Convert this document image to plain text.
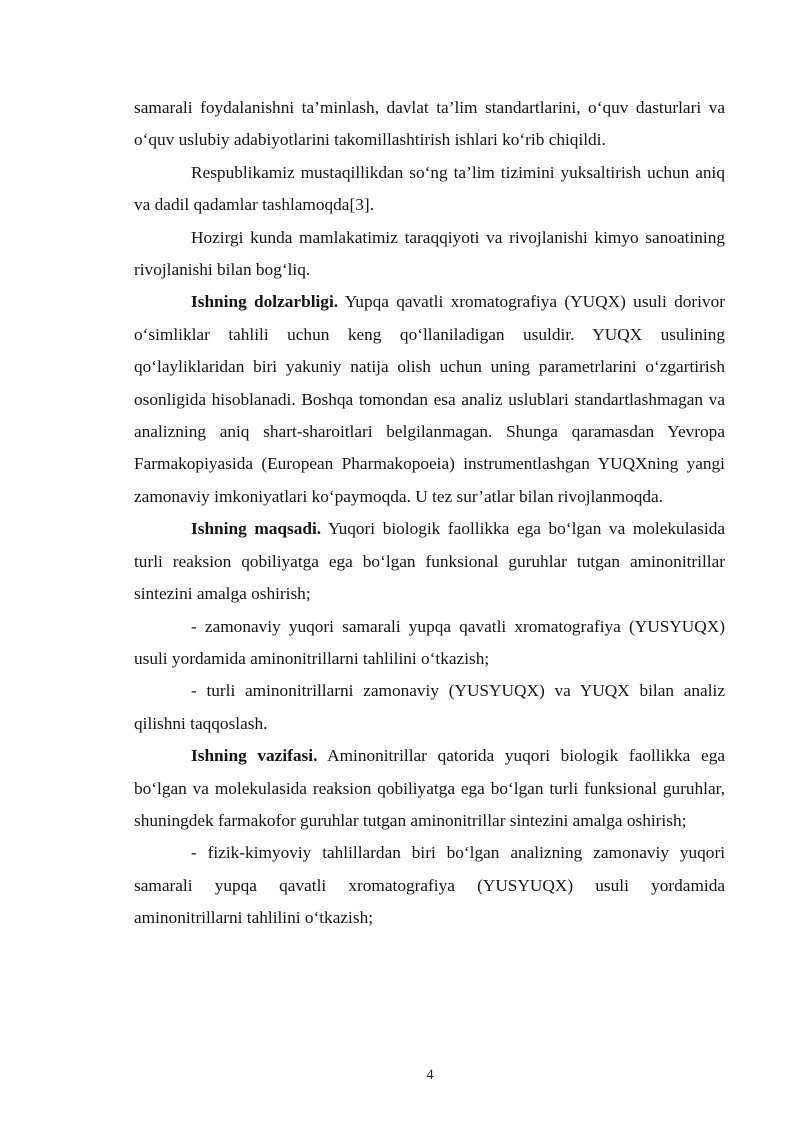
samarali foydalanishni ta’minlash, davlat ta’lim standartlarini, o‘quv dasturlari va o‘quv uslubiy adabiyotlarini takomillashtirish ishlari ko‘rib chiqildi.

Respublikamiz mustaqillikdan so‘ng ta’lim tizimini yuksaltirish uchun aniq va dadil qadamlar tashlamoqda[3].

Hozirgi kunda mamlakatimiz taraqqiyoti va rivojlanishi kimyo sanoatining rivojlanishi bilan bog‘liq.

Ishning dolzarbligi. Yupqa qavatli xromatografiya (YUQX) usuli dorivor o‘simliklar tahlili uchun keng qo‘llaniladigan usuldir. YUQX usulining qo‘layliklaridan biri yakuniy natija olish uchun uning parametrlarini o‘zgartirish osonligida hisoblanadi. Boshqa tomondan esa analiz uslublari standartlashmagan va analizning aniq shart-sharoitlari belgilanmagan. Shunga qaramasdan Yevropa Farmakopiyasida (European Pharmakopoeia) instrumentlashgan YUQXning yangi zamonaviy imkoniyatlari ko‘paymoqda. U tez sur’atlar bilan rivojlanmoqda.

Ishning maqsadi. Yuqori biologik faollikka ega bo‘lgan va molekulasida turli reaksion qobiliyatga ega bo‘lgan funksional guruhlar tutgan aminonitrillar sintezini amalga oshirish;

- zamonaviy yuqori samarali yupqa qavatli xromatografiya (YUSYUQX) usuli yordamida aminonitrillarni tahlilini o‘tkazish;

- turli aminonitrillarni zamonaviy (YUSYUQX) va YUQX bilan analiz qilishni taqqoslash.

Ishning vazifasi. Aminonitrillar qatorida yuqori biologik faollikka ega bo‘lgan va molekulasida reaksion qobiliyatga ega bo‘lgan turli funksional guruhlar, shuningdek farmakofor guruhlar tutgan aminonitrillar sintezini amalga oshirish;

- fizik-kimyoviy tahlillardan biri bo‘lgan analizning zamonaviy yuqori samarali yupqa qavatli xromatografiya (YUSYUQX) usuli yordamida aminonitrillarni tahlilini o‘tkazish;

4
